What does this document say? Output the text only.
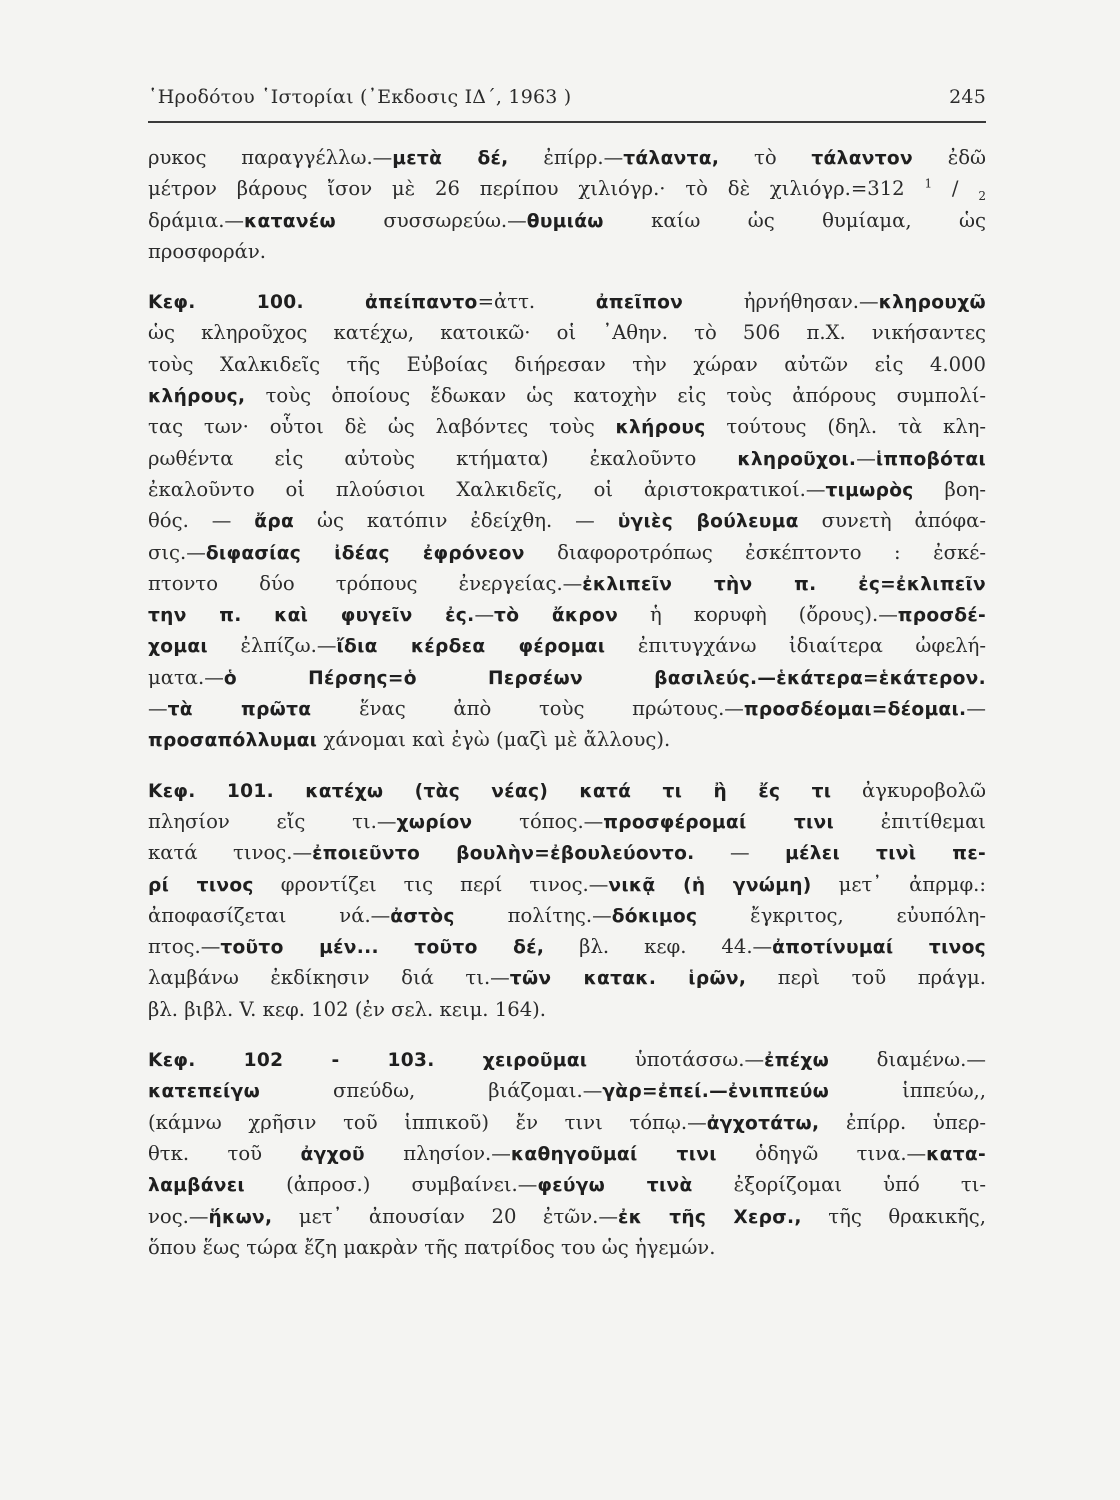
῾Ηροδότου ῾Ιστορίαι (᾿Εκδοσις ΙΔ΄, 1963 )	245
ρυκος παραγγέλλω.—μετὰ δέ, ἐπίρρ.—τάλαντα, τὸ τάλαντον ἐδῶ
μέτρον βάρους ἴσον μὲ 26 περίπου χιλιόγρ.· τὸ δὲ χιλιόγρ.=312 $^1$ / $_2$
δράμια.—κατανέω συσσωρεύω.—θυμιάω καίω ὡς θυμίαμα, ὡς
προσφοράν.
Κεφ. 100. ἀπείπαντο=ἀττ. ἀπεῖπον ἠρνήθησαν.—κληρουχῶ
ὡς κληροῦχος κατέχω, κατοικῶ· οἱ ᾿Αθην. τὸ 506 π.Χ. νικήσαντες
τοὺς Χαλκιδεῖς τῆς Εὐβοίας διήρεσαν τὴν χώραν αὐτῶν εἰς 4.000
κλήρους, τοὺς ὁποίους ἔδωκαν ὡς κατοχὴν εἰς τοὺς ἀπόρους συμπολί-
τας των· οὗτοι δὲ ὡς λαβόντες τοὺς κλήρους τούτους (δηλ. τὰ κλη-
ρωθέντα εἰς αὐτοὺς κτήματα) ἐκαλοῦντο κληροῦχοι.—ἱπποβόται
ἐκαλοῦντο οἱ πλούσιοι Χαλκιδεῖς, οἱ ἀριστοκρατικοί.—τιμωρὸς βοη-
θός. — ἄρα ὡς κατόπιν ἐδείχθη. — ὑγιὲς βούλευμα συνετὴ ἀπόφα-
σις.—διφασίας ἰδέας ἐφρόνεον διαφοροτρόπως ἐσκέπτοντο : ἐσκέ-
πτοντο δύο τρόπους ἐνεργείας.—ἐκλιπεῖν τὴν π. ἐς=ἐκλιπεῖν
την π. καὶ φυγεῖν ἐς.—τὸ ἄκρον ἡ κορυφὴ (ὄρους).—προσδέ-
χομαι ἐλπίζω.—ἴδια κέρδεα φέρομαι ἐπιτυγχάνω ἰδιαίτερα ὠφελή-
ματα.—ὁ Πέρσης=ὁ Περσέων βασιλεύς.—ἑκάτερα=ἑκάτερον.
—τὰ πρῶτα ἕνας ἀπὸ τοὺς πρώτους.—προσδέομαι=δέομαι.—
προσαπόλλυμαι χάνομαι καὶ ἐγὼ (μαζὶ μὲ ἄλλους).
Κεφ. 101. κατέχω (τὰς νέας) κατά τι ἢ ἔς τι ἀγκυροβολῶ
πλησίον εἴς τι.—χωρίον τόπος.—προσφέρομαί τινι ἐπιτίθεμαι
κατά τινος.—ἐποιεῦντο βουλὴν=ἐβουλεύοντο. — μέλει τινὶ πε-
ρί τινος φροντίζει τις περί τινος.—νικᾷ (ἡ γνώμη) μετ᾿ ἀπρμφ.:
ἀποφασίζεται νά.—ἀστὸς πολίτης.—δόκιμος ἔγκριτος, εὐυπόλη-
πτος.—τοῦτο μέν... τοῦτο δέ, βλ. κεφ. 44.—ἀποτίνυμαί τινος
λαμβάνω ἐκδίκησιν διά τι.—τῶν κατακ. ἱρῶν, περὶ τοῦ πράγμ.
βλ. βιβλ. V. κεφ. 102 (ἐν σελ. κειμ. 164).
Κεφ. 102 - 103. χειροῦμαι ὑποτάσσω.—ἐπέχω διαμένω.—
κατεπείγω σπεύδω, βιάζομαι.—γὰρ=ἐπεί.—ἐνιππεύω ἱππεύω,,
(κάμνω χρῆσιν τοῦ ἱππικοῦ) ἔν τινι τόπῳ.—ἀγχοτάτω, ἐπίρρ. ὑπερ-
θτκ. τοῦ ἀγχοῦ πλησίον.—καθηγοῦμαί τινι ὁδηγῶ τινα.—κατα-
λαμβάνει (ἀπροσ.) συμβαίνει.—φεύγω τινὰ ἐξορίζομαι ὑπό τι-
νος.—ἥκων, μετ᾿ ἀπουσίαν 20 ἐτῶν.—ἐκ τῆς Χερσ., τῆς θρακικῆς,
ὅπου ἕως τώρα ἔζη μακρὰν τῆς πατρίδος του ὡς ἡγεμών.
